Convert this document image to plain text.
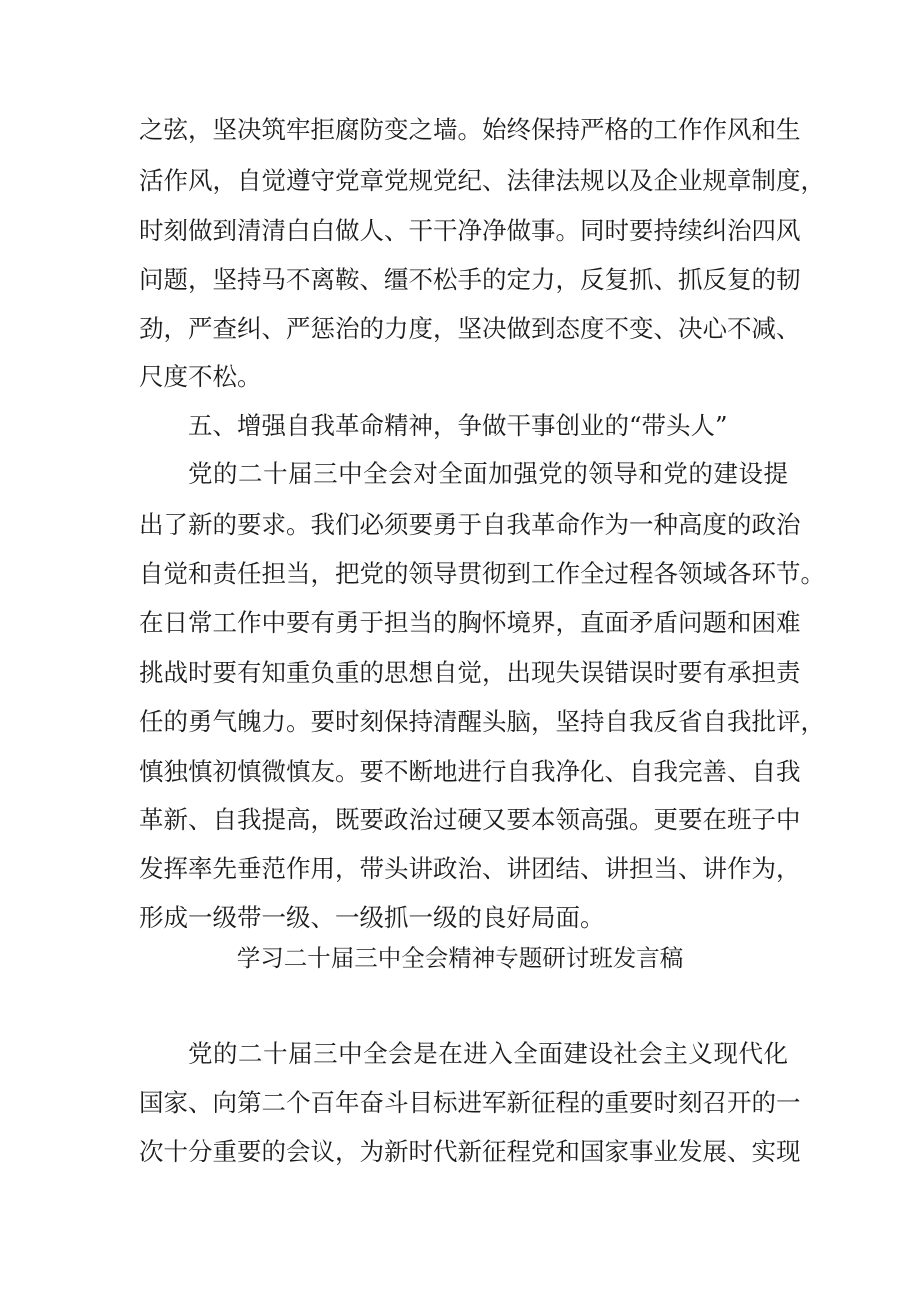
之弦，坚决筑牢拒腐防变之墙。始终保持严格的工作作风和生
活作风，自觉遵守党章党规党纪、法律法规以及企业规章制度，
时刻做到清清白白做人、干干净净做事。同时要持续纠治四风
问题，坚持马不离鞍、缰不松手的定力，反复抓、抓反复的韧
劲，严查纠、严惩治的力度，坚决做到态度不变、决心不减、
尺度不松。
五、增强自我革命精神，争做干事创业的“带头人”
党的二十届三中全会对全面加强党的领导和党的建设提
出了新的要求。我们必须要勇于自我革命作为一种高度的政治
自觉和责任担当，把党的领导贯彻到工作全过程各领域各环节。
在日常工作中要有勇于担当的胸怀境界，直面矛盾问题和困难
挑战时要有知重负重的思想自觉，出现失误错误时要有承担责
任的勇气魄力。要时刻保持清醒头脑，坚持自我反省自我批评，
慎独慎初慎微慎友。要不断地进行自我净化、自我完善、自我
革新、自我提高，既要政治过硬又要本领高强。更要在班子中
发挥率先垂范作用，带头讲政治、讲团结、讲担当、讲作为，
形成一级带一级、一级抓一级的良好局面。
学习二十届三中全会精神专题研讨班发言稿
党的二十届三中全会是在进入全面建设社会主义现代化
国家、向第二个百年奋斗目标进军新征程的重要时刻召开的一
次十分重要的会议，为新时代新征程党和国家事业发展、实现
